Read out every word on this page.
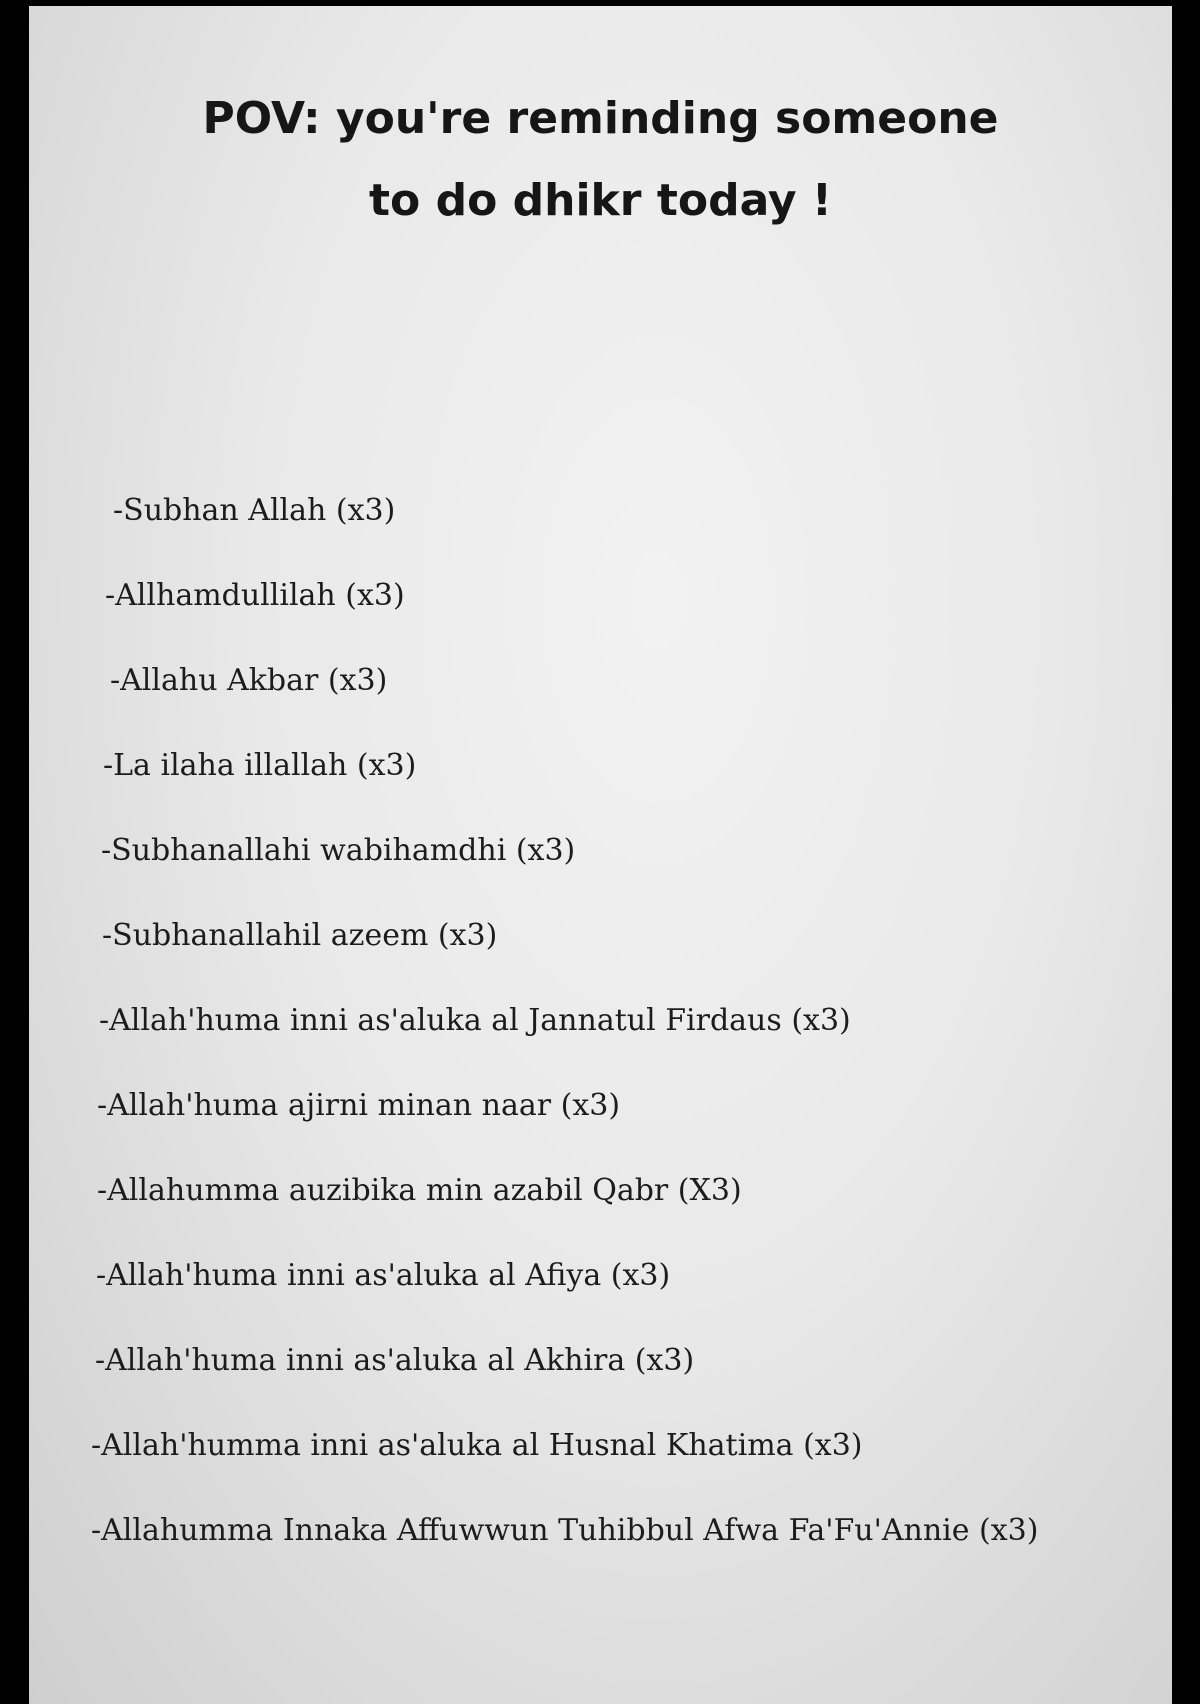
POV: you're reminding someone
to do dhikr today !
-Subhan Allah (x3)
-Allhamdullilah (x3)
-Allahu Akbar (x3)
-La ilaha illallah (x3)
-Subhanallahi wabihamdhi (x3)
-Subhanallahil azeem (x3)
-Allah'huma inni as'aluka al Jannatul Firdaus (x3)
-Allah'huma ajirni minan naar (x3)
-Allahumma auzibika min azabil Qabr (X3)
-Allah'huma inni as'aluka al Afiya (x3)
-Allah'huma inni as'aluka al Akhira (x3)
-Allah'humma inni as'aluka al Husnal Khatima (x3)
-Allahumma Innaka Affuwwun Tuhibbul Afwa Fa'Fu'Annie (x3)
